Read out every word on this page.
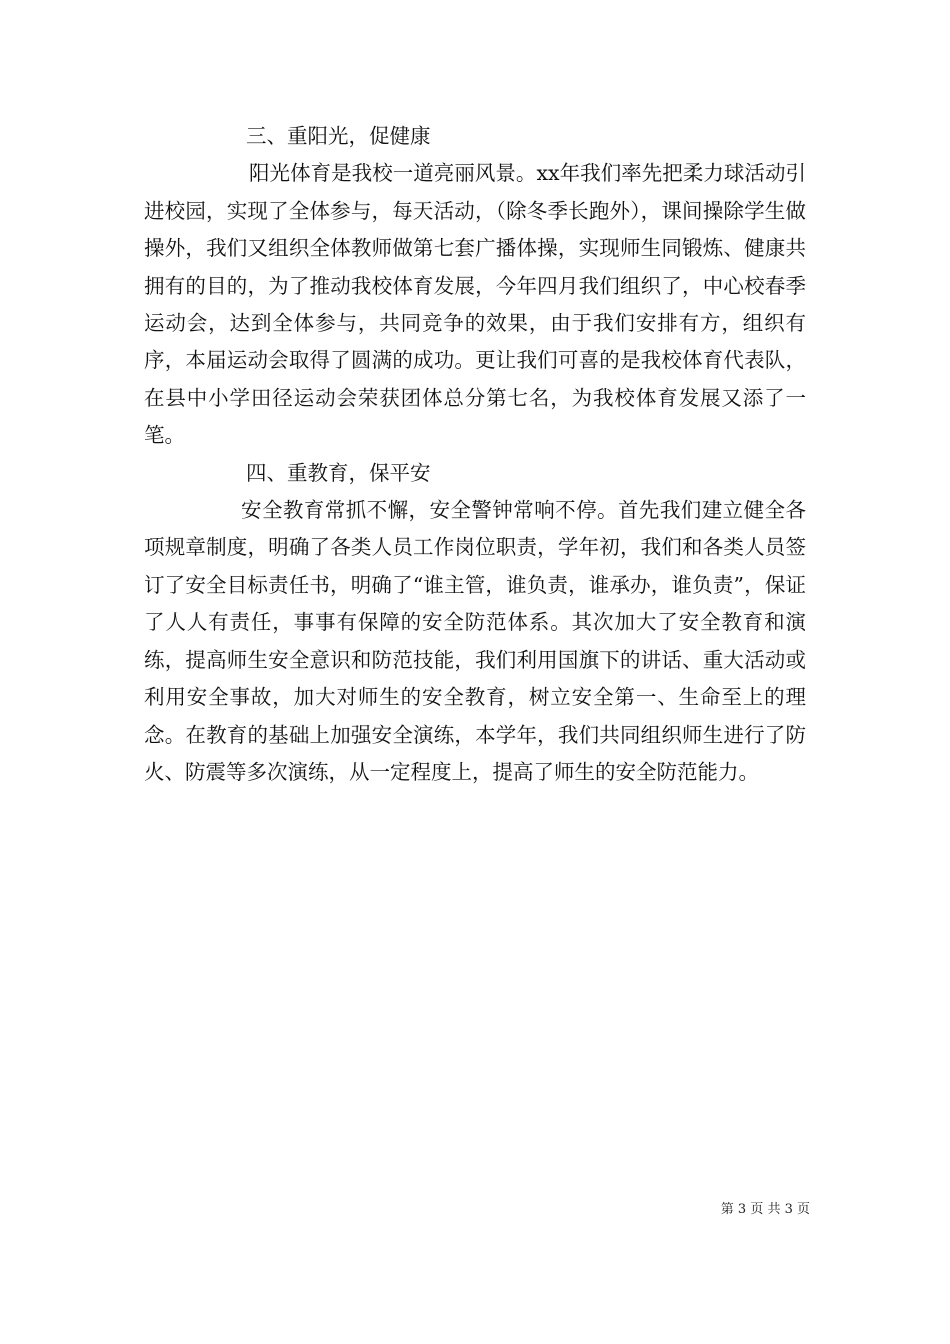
三、重阳光，促健康

阳光体育是我校一道亮丽风景。xx年我们率先把柔力球活动引进校园，实现了全体参与，每天活动，（除冬季长跑外），课间操除学生做操外，我们又组织全体教师做第七套广播体操，实现师生同锻炼、健康共拥有的目的，为了推动我校体育发展，今年四月我们组织了，中心校春季运动会，达到全体参与，共同竞争的效果，由于我们安排有方，组织有序，本届运动会取得了圆满的成功。更让我们可喜的是我校体育代表队，在县中小学田径运动会荣获团体总分第七名，为我校体育发展又添了一笔。

四、重教育，保平安

安全教育常抓不懈，安全警钟常响不停。首先我们建立健全各项规章制度，明确了各类人员工作岗位职责，学年初，我们和各类人员签订了安全目标责任书，明确了“谁主管，谁负责，谁承办，谁负责”，保证了人人有责任，事事有保障的安全防范体系。其次加大了安全教育和演练，提高师生安全意识和防范技能，我们利用国旗下的讲话、重大活动或利用安全事故，加大对师生的安全教育，树立安全第一、生命至上的理念。在教育的基础上加强安全演练，本学年，我们共同组织师生进行了防火、防震等多次演练，从一定程度上，提高了师生的安全防范能力。

第 3 页 共 3 页
